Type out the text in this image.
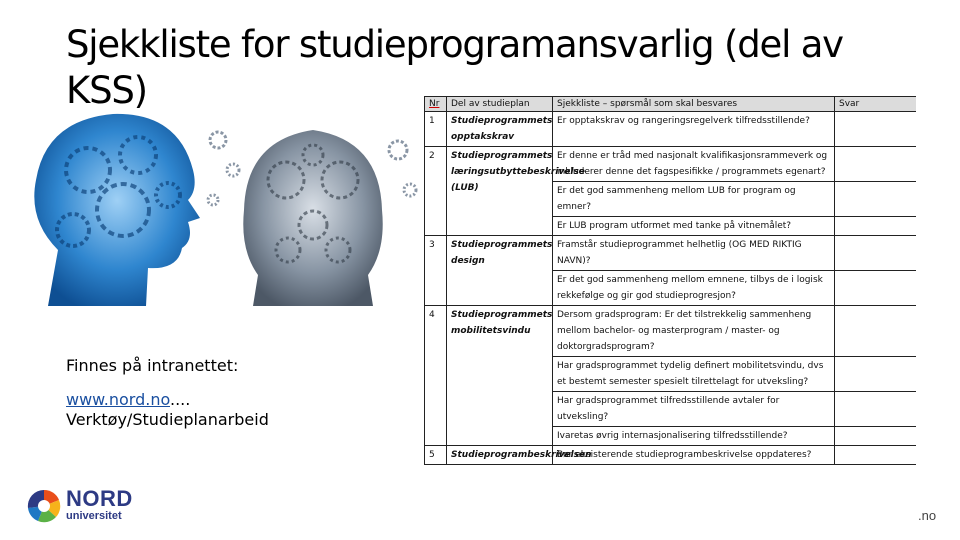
Sjekkliste for studieprogramansvarlig (del av KSS)
Finnes på intranettet:
www.nord.no....
Verktøy/Studieplanarbeid
Nr	Del av studieplan	Sjekkliste – spørsmål som skal besvares	Svar
1	Studieprogrammets opptakskrav	Er opptakskrav og rangeringsregelverk tilfredsstillende?	
2	Studieprogrammets læringsutbyttebeskrivelse (LUB)	Er denne er tråd med nasjonalt kvalifikasjonsrammeverk og inkluderer denne det fagspesifikke / programmets egenart?	
		Er det god sammenheng mellom LUB for program og emner?	
		Er LUB program utformet med tanke på vitnemålet?	
3	Studieprogrammets design	Framstår studieprogrammet helhetlig (OG MED RIKTIG NAVN)?	
		Er det god sammenheng mellom emnene, tilbys de i logisk rekkefølge og gir god studieprogresjon?	
4	Studieprogrammets mobilitetsvindu	Dersom gradsprogram: Er det tilstrekkelig sammenheng mellom bachelor- og masterprogram / master- og doktorgradsprogram?	
		Har gradsprogrammet tydelig definert mobilitetsvindu, dvs et bestemt semester spesielt tilrettelagt for utveksling?	
		Har gradsprogrammet tilfredsstillende avtaler for utveksling?	
		Ivaretas øvrig internasjonalisering tilfredsstillende?	
5	Studieprogrambeskrivelsen	Bør eksisterende studieprogrambeskrivelse oppdateres?	
NORD
universitet	.no
